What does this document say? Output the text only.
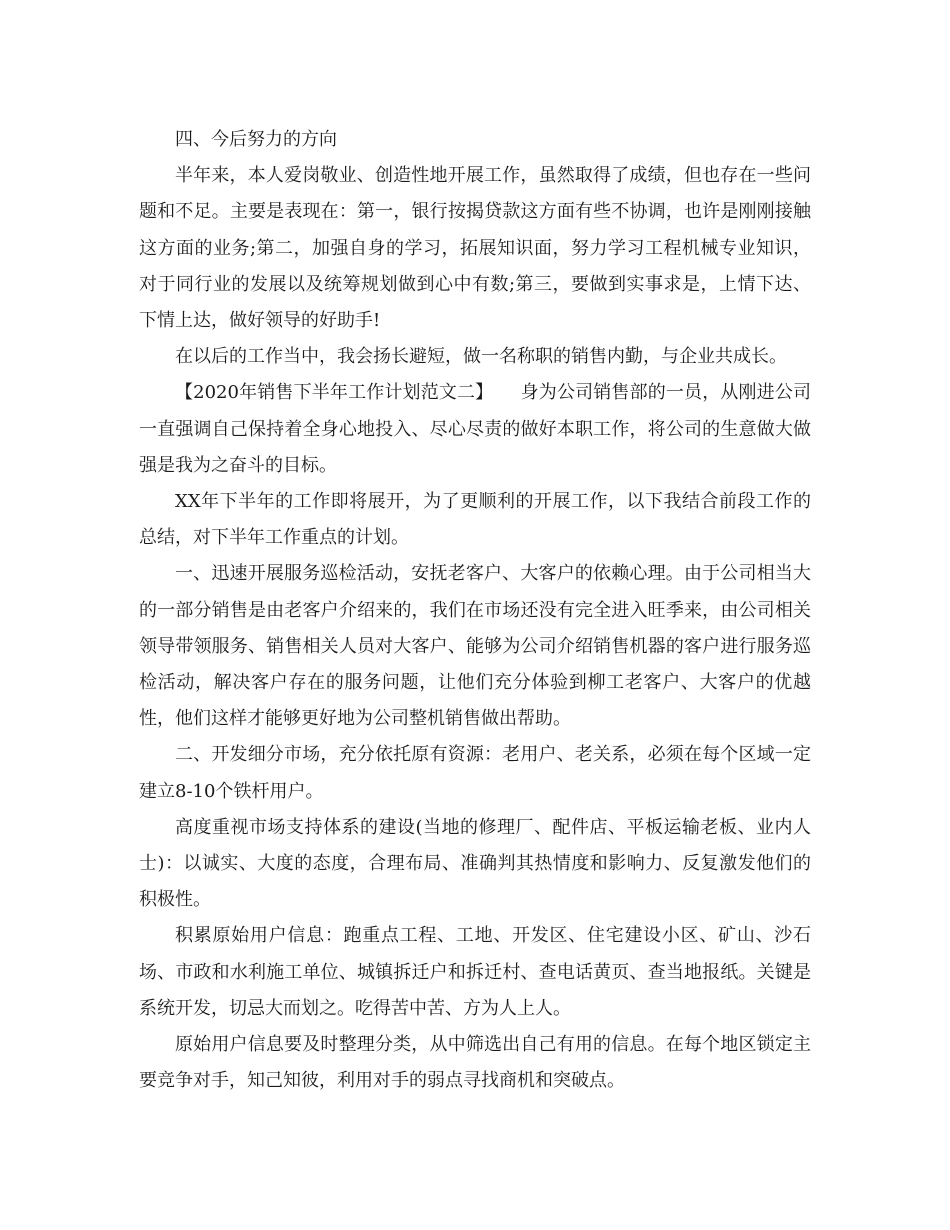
四、今后努力的方向

半年来，本人爱岗敬业、创造性地开展工作，虽然取得了成绩，但也存在一些问题和不足。主要是表现在：第一，银行按揭贷款这方面有些不协调，也许是刚刚接触这方面的业务;第二，加强自身的学习，拓展知识面，努力学习工程机械专业知识，对于同行业的发展以及统筹规划做到心中有数;第三，要做到实事求是，上情下达、下情上达，做好领导的好助手!

在以后的工作当中，我会扬长避短，做一名称职的销售内勤，与企业共成长。

【2020年销售下半年工作计划范文二】　　身为公司销售部的一员，从刚进公司一直强调自己保持着全身心地投入、尽心尽责的做好本职工作，将公司的生意做大做强是我为之奋斗的目标。

XX年下半年的工作即将展开，为了更顺利的开展工作，以下我结合前段工作的总结，对下半年工作重点的计划。

一、迅速开展服务巡检活动，安抚老客户、大客户的依赖心理。由于公司相当大的一部分销售是由老客户介绍来的，我们在市场还没有完全进入旺季来，由公司相关领导带领服务、销售相关人员对大客户、能够为公司介绍销售机器的客户进行服务巡检活动，解决客户存在的服务问题，让他们充分体验到柳工老客户、大客户的优越性，他们这样才能够更好地为公司整机销售做出帮助。

二、开发细分市场，充分依托原有资源：老用户、老关系，必须在每个区域一定建立8-10个铁杆用户。

高度重视市场支持体系的建设(当地的修理厂、配件店、平板运输老板、业内人士)：以诚实、大度的态度，合理布局、准确判其热情度和影响力、反复激发他们的积极性。

积累原始用户信息：跑重点工程、工地、开发区、住宅建设小区、矿山、沙石场、市政和水利施工单位、城镇拆迁户和拆迁村、查电话黄页、查当地报纸。关键是系统开发，切忌大而划之。吃得苦中苦、方为人上人。

原始用户信息要及时整理分类，从中筛选出自己有用的信息。在每个地区锁定主要竞争对手，知己知彼，利用对手的弱点寻找商机和突破点。
